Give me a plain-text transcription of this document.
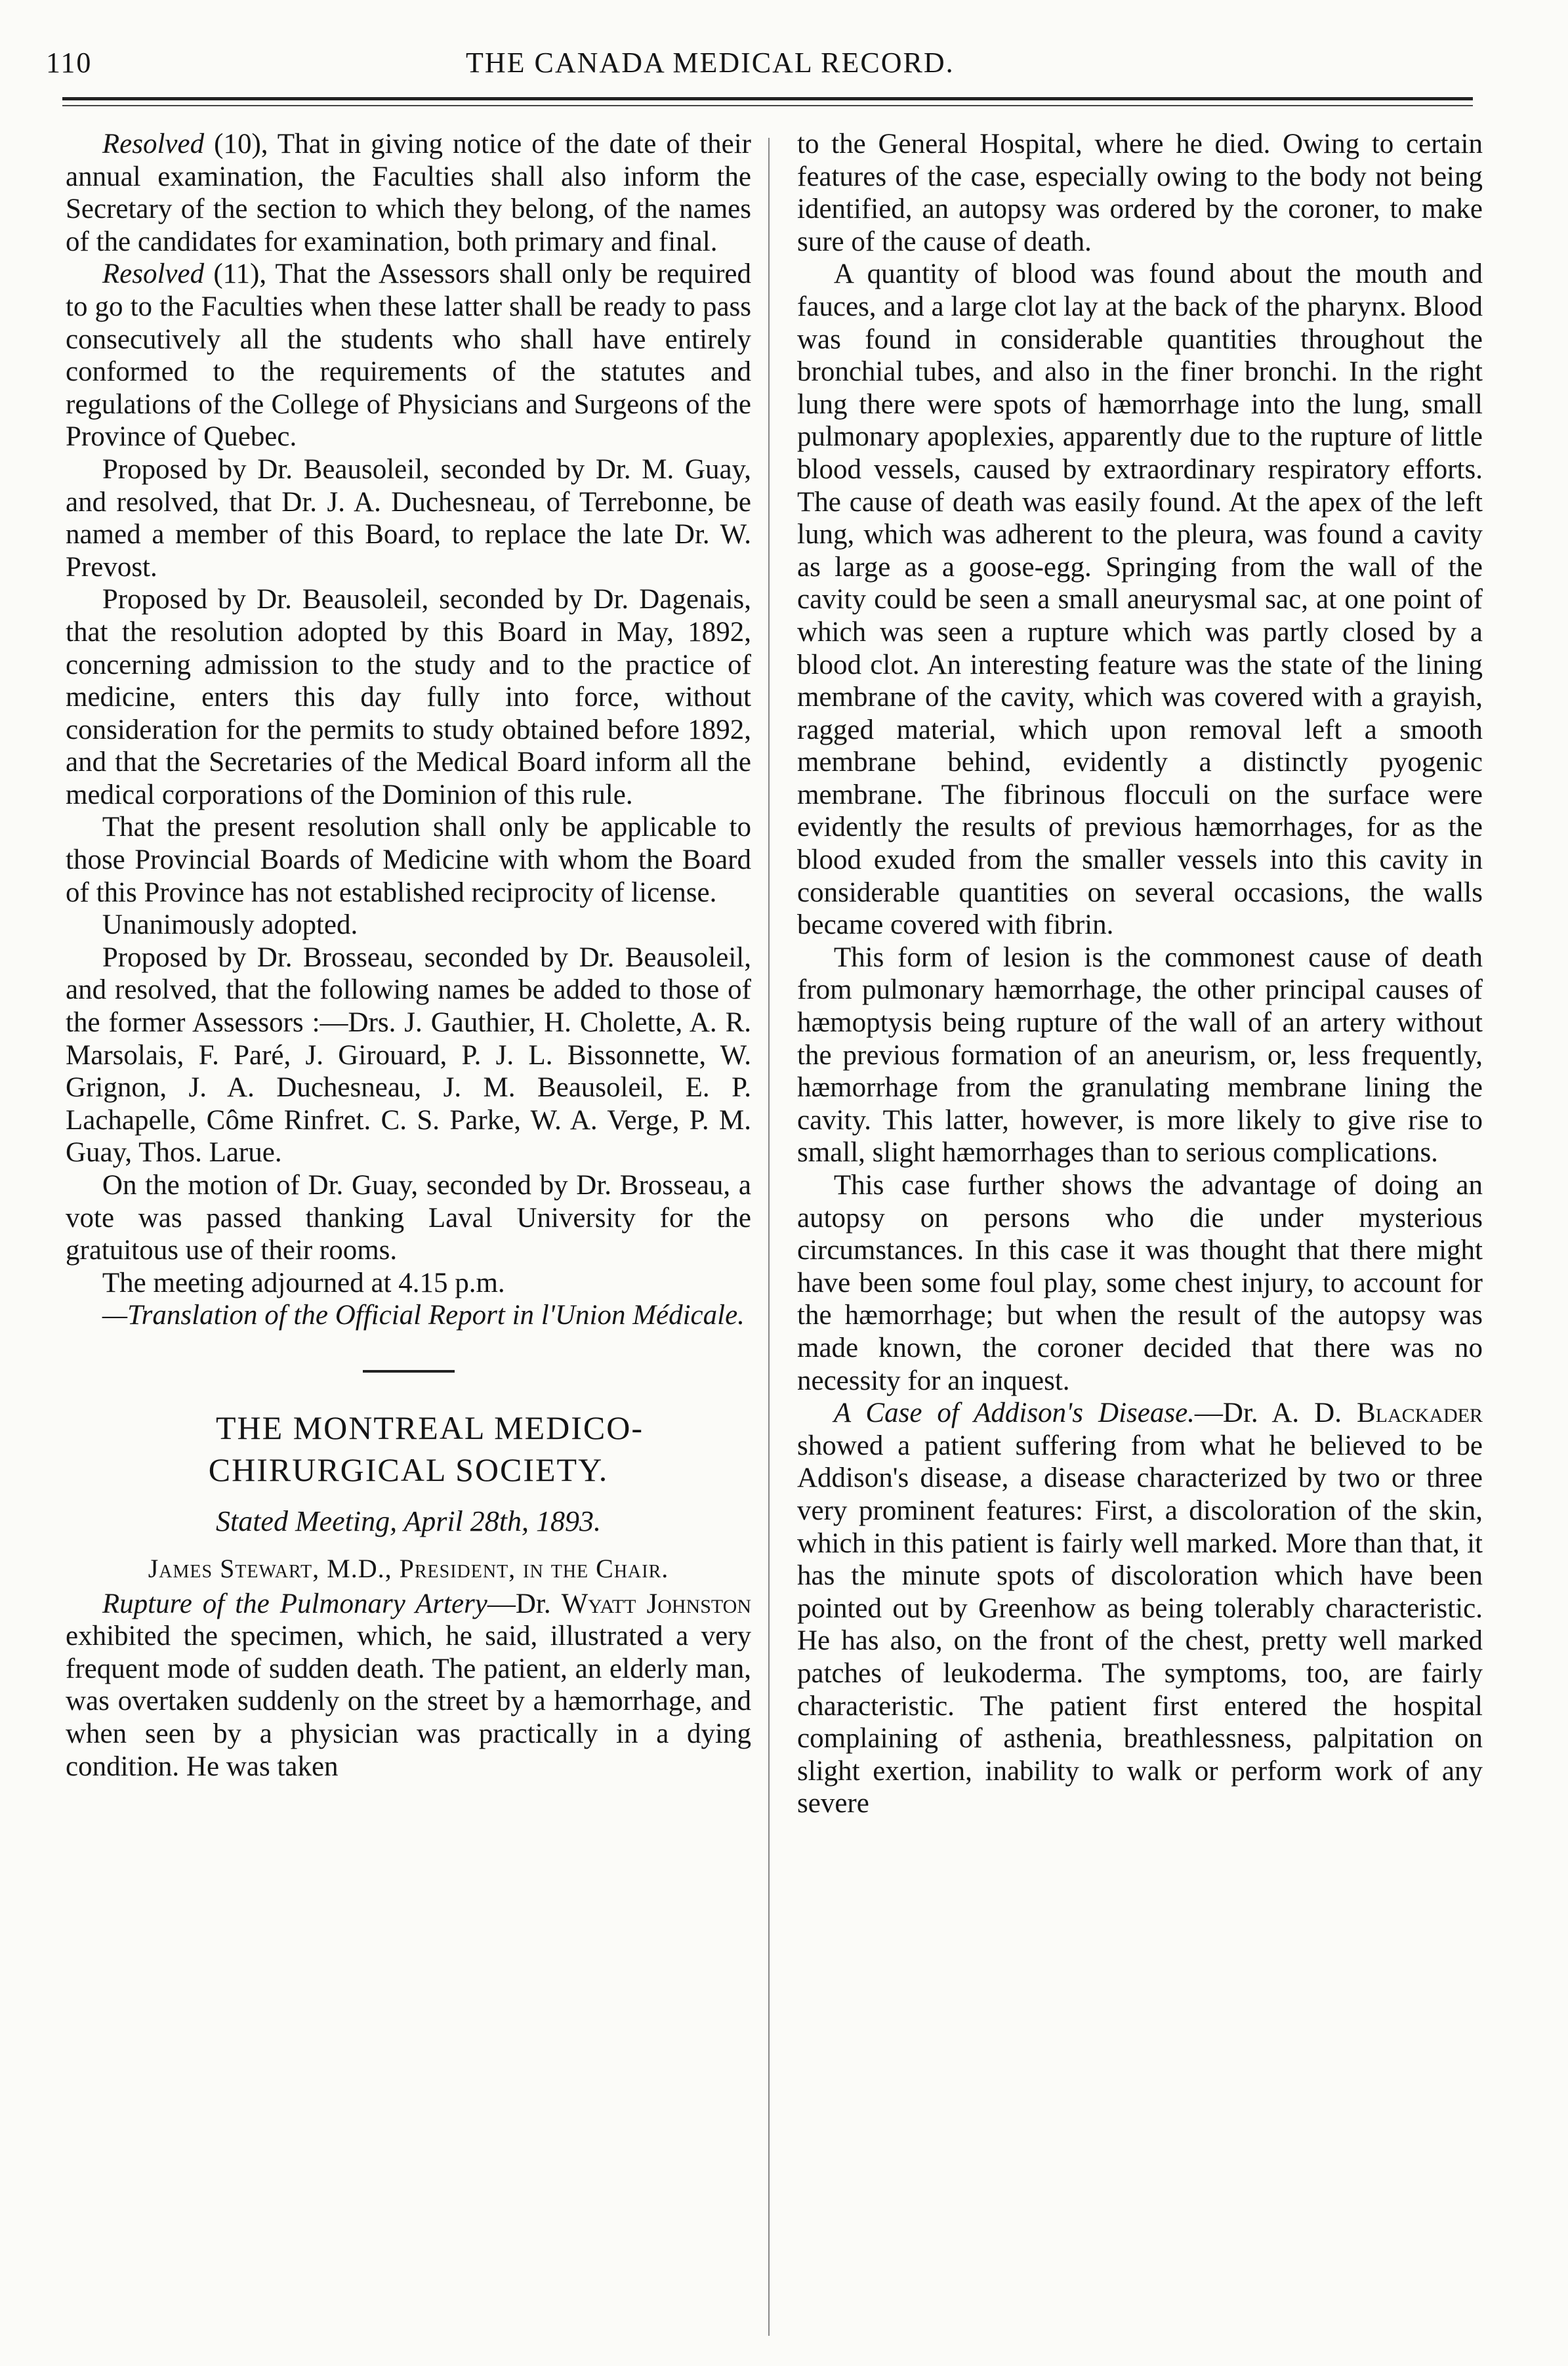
110	THE CANADA MEDICAL RECORD.

Resolved (10), That in giving notice of the date of their annual examination, the Faculties shall also inform the Secretary of the section to which they belong, of the names of the candidates for examination, both primary and final.

Resolved (11), That the Assessors shall only be required to go to the Faculties when these latter shall be ready to pass consecutively all the students who shall have entirely conformed to the requirements of the statutes and regulations of the College of Physicians and Surgeons of the Province of Quebec.

Proposed by Dr. Beausoleil, seconded by Dr. M. Guay, and resolved, that Dr. J. A. Duchesneau, of Terrebonne, be named a member of this Board, to replace the late Dr. W. Prevost.

Proposed by Dr. Beausoleil, seconded by Dr. Dagenais, that the resolution adopted by this Board in May, 1892, concerning admission to the study and to the practice of medicine, enters this day fully into force, without consideration for the permits to study obtained before 1892, and that the Secretaries of the Medical Board inform all the medical corporations of the Dominion of this rule.

That the present resolution shall only be applicable to those Provincial Boards of Medicine with whom the Board of this Province has not established reciprocity of license.

Unanimously adopted.

Proposed by Dr. Brosseau, seconded by Dr. Beausoleil, and resolved, that the following names be added to those of the former Assessors :—Drs. J. Gauthier, H. Cholette, A. R. Marsolais, F. Paré, J. Girouard, P. J. L. Bissonnette, W. Grignon, J. A. Duchesneau, J. M. Beausoleil, E. P. Lachapelle, Côme Rinfret. C. S. Parke, W. A. Verge, P. M. Guay, Thos. Larue.

On the motion of Dr. Guay, seconded by Dr. Brosseau, a vote was passed thanking Laval University for the gratuitous use of their rooms.

The meeting adjourned at 4.15 p.m.

—Translation of the Official Report in l'Union Médicale.

THE MONTREAL MEDICO-CHIRURGICAL SOCIETY.

Stated Meeting, April 28th, 1893.

James Stewart, M.D., President, in the Chair.

Rupture of the Pulmonary Artery—Dr. Wyatt Johnston exhibited the specimen, which, he said, illustrated a very frequent mode of sudden death. The patient, an elderly man, was overtaken suddenly on the street by a hæmorrhage, and when seen by a physician was practically in a dying condition. He was taken

to the General Hospital, where he died. Owing to certain features of the case, especially owing to the body not being identified, an autopsy was ordered by the coroner, to make sure of the cause of death.

A quantity of blood was found about the mouth and fauces, and a large clot lay at the back of the pharynx. Blood was found in considerable quantities throughout the bronchial tubes, and also in the finer bronchi. In the right lung there were spots of hæmorrhage into the lung, small pulmonary apoplexies, apparently due to the rupture of little blood vessels, caused by extraordinary respiratory efforts. The cause of death was easily found. At the apex of the left lung, which was adherent to the pleura, was found a cavity as large as a goose-egg. Springing from the wall of the cavity could be seen a small aneurysmal sac, at one point of which was seen a rupture which was partly closed by a blood clot. An interesting feature was the state of the lining membrane of the cavity, which was covered with a grayish, ragged material, which upon removal left a smooth membrane behind, evidently a distinctly pyogenic membrane. The fibrinous flocculi on the surface were evidently the results of previous hæmorrhages, for as the blood exuded from the smaller vessels into this cavity in considerable quantities on several occasions, the walls became covered with fibrin.

This form of lesion is the commonest cause of death from pulmonary hæmorrhage, the other principal causes of hæmoptysis being rupture of the wall of an artery without the previous formation of an aneurism, or, less frequently, hæmorrhage from the granulating membrane lining the cavity. This latter, however, is more likely to give rise to small, slight hæmorrhages than to serious complications.

This case further shows the advantage of doing an autopsy on persons who die under mysterious circumstances. In this case it was thought that there might have been some foul play, some chest injury, to account for the hæmorrhage; but when the result of the autopsy was made known, the coroner decided that there was no necessity for an inquest.

A Case of Addison's Disease.—Dr. A. D. Blackader showed a patient suffering from what he believed to be Addison's disease, a disease characterized by two or three very prominent features: First, a discoloration of the skin, which in this patient is fairly well marked. More than that, it has the minute spots of discoloration which have been pointed out by Greenhow as being tolerably characteristic. He has also, on the front of the chest, pretty well marked patches of leukoderma. The symptoms, too, are fairly characteristic. The patient first entered the hospital complaining of asthenia, breathlessness, palpitation on slight exertion, inability to walk or perform work of any severe
